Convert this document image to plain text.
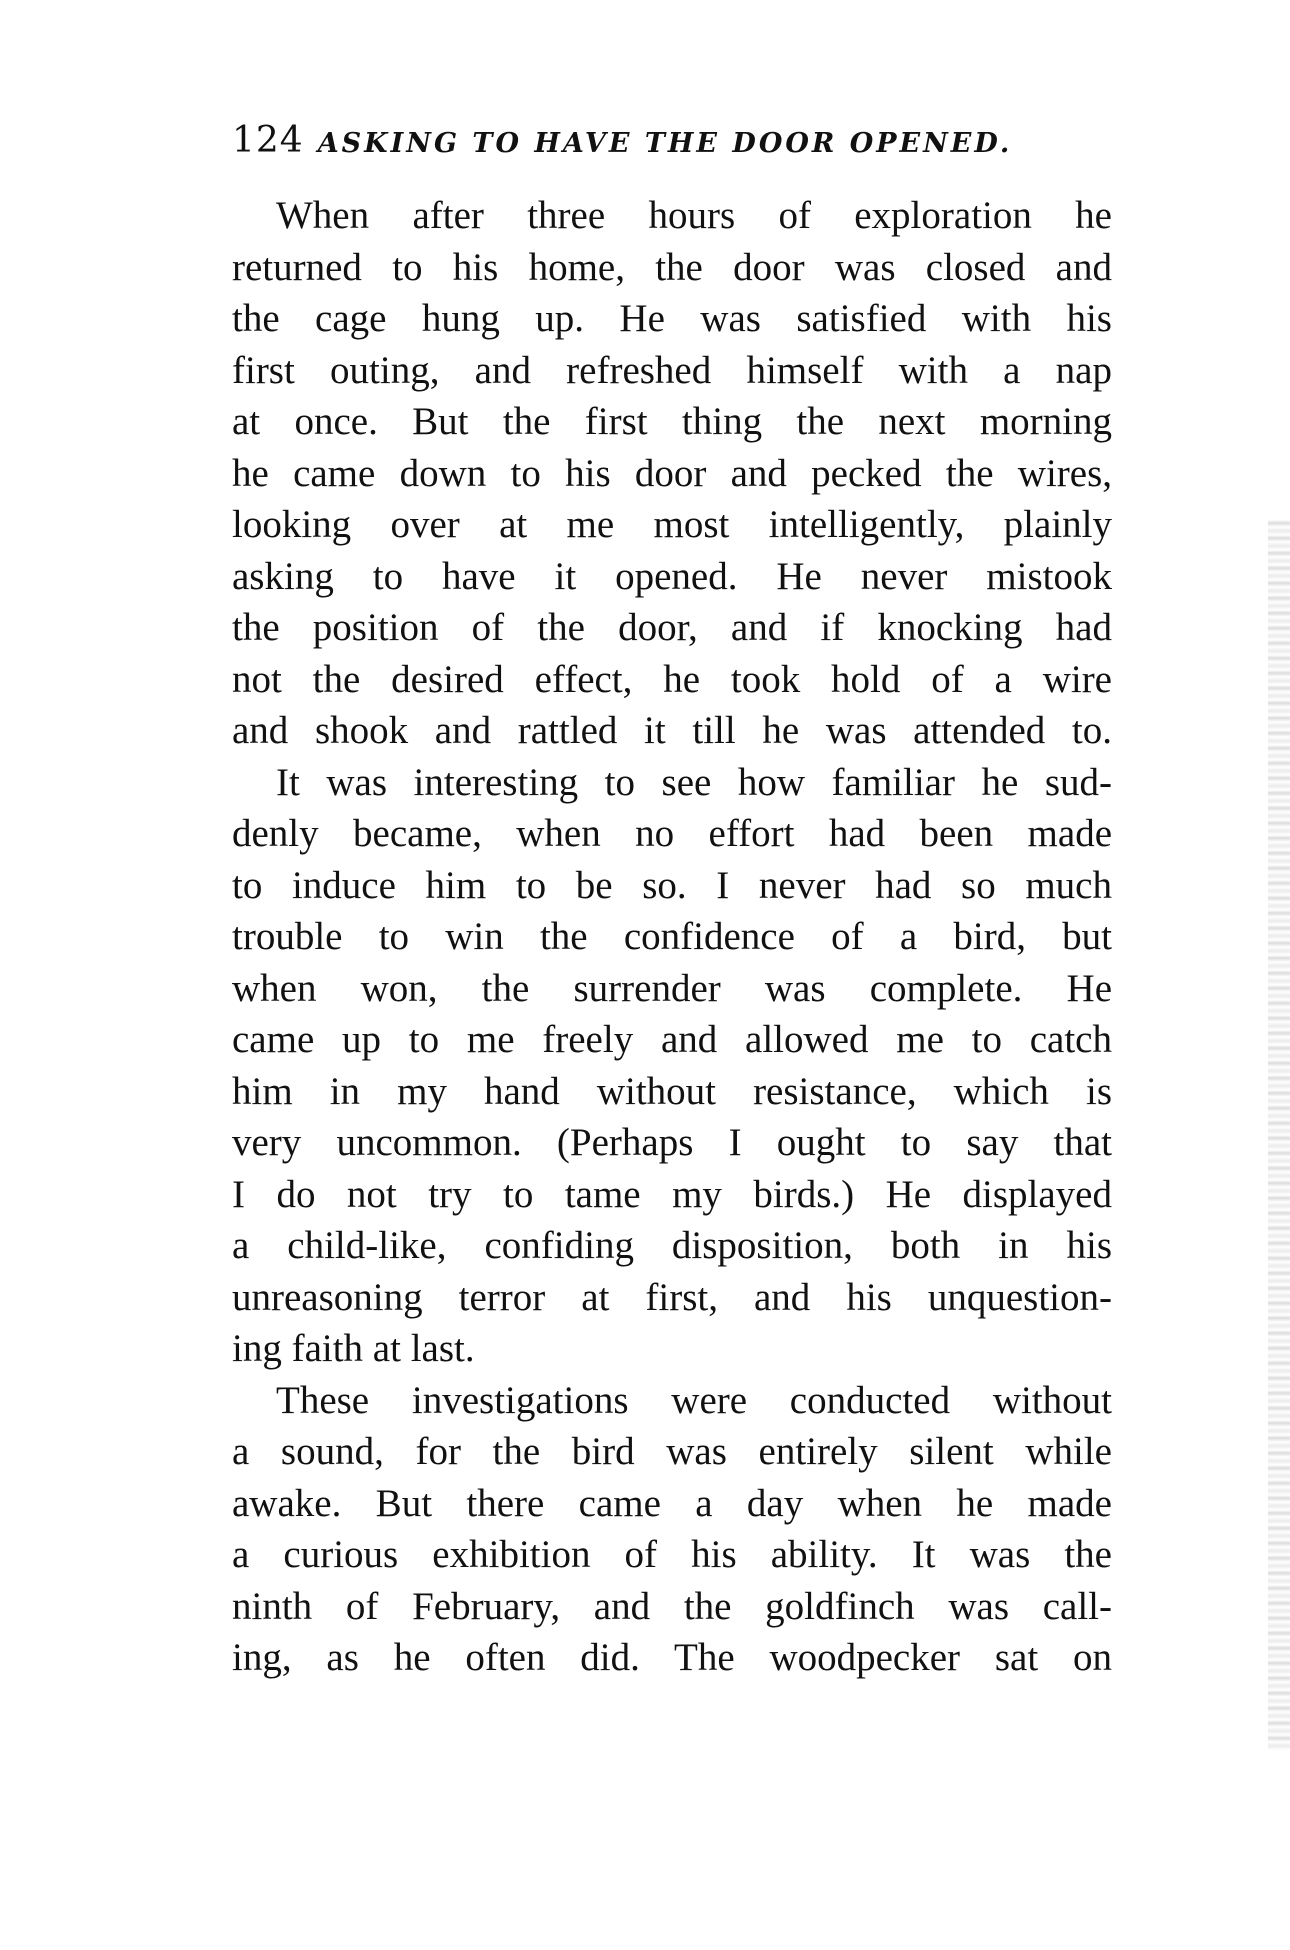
124 ASKING TO HAVE THE DOOR OPENED.
When after three hours of exploration he
returned to his home, the door was closed and
the cage hung up. He was satisfied with his
first outing, and refreshed himself with a nap
at once. But the first thing the next morning
he came down to his door and pecked the wires,
looking over at me most intelligently, plainly
asking to have it opened. He never mistook
the position of the door, and if knocking had
not the desired effect, he took hold of a wire
and shook and rattled it till he was attended to.
It was interesting to see how familiar he sud-
denly became, when no effort had been made
to induce him to be so. I never had so much
trouble to win the confidence of a bird, but
when won, the surrender was complete. He
came up to me freely and allowed me to catch
him in my hand without resistance, which is
very uncommon. (Perhaps I ought to say that
I do not try to tame my birds.) He displayed
a child-like, confiding disposition, both in his
unreasoning terror at first, and his unquestion-
ing faith at last.
These investigations were conducted without
a sound, for the bird was entirely silent while
awake. But there came a day when he made
a curious exhibition of his ability. It was the
ninth of February, and the goldfinch was call-
ing, as he often did. The woodpecker sat on
